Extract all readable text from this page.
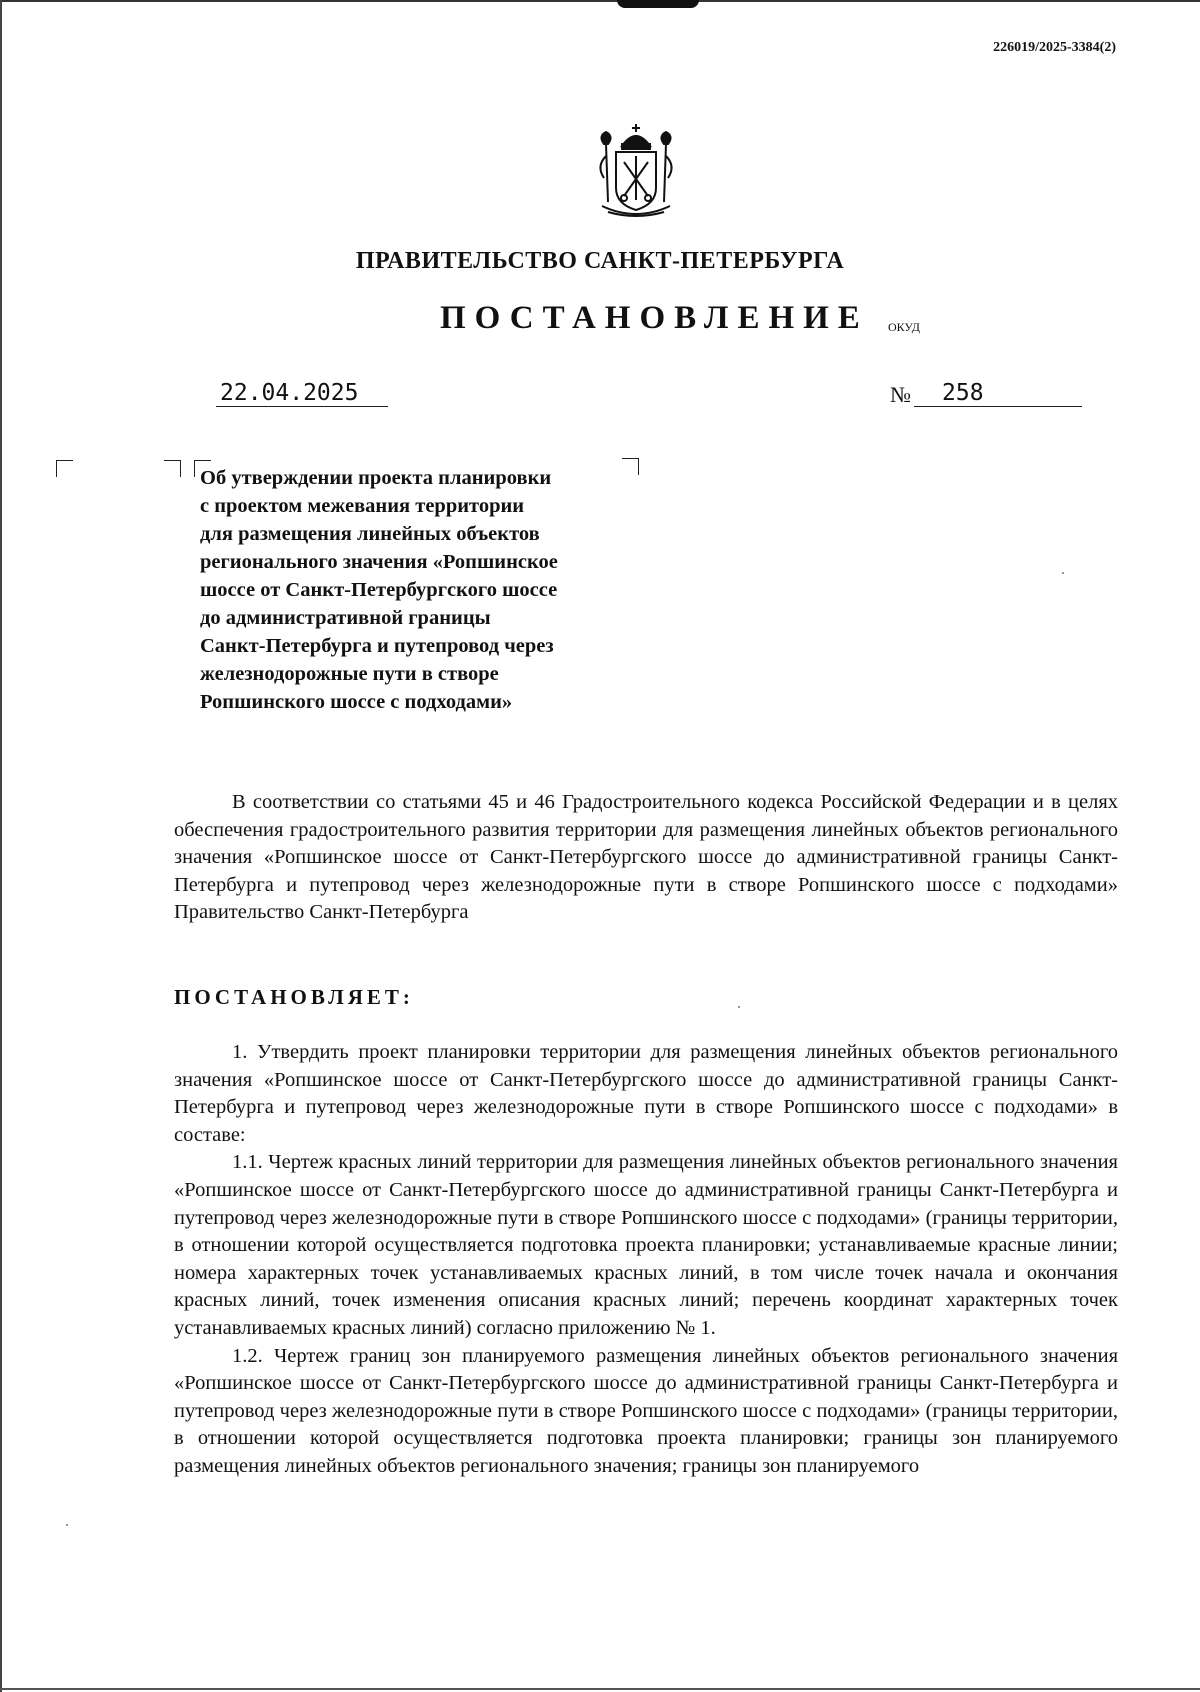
226019/2025-3384(2)
ПРАВИТЕЛЬСТВО САНКТ-ПЕТЕРБУРГА
ПОСТАНОВЛЕНИЕ ОКУД
22.04.2025	№	258
Об утверждении проекта планировки
с проектом межевания территории
для размещения линейных объектов
регионального значения «Ропшинское
шоссе от Санкт-Петербургского шоссе
до административной границы
Санкт-Петербурга и путепровод через
железнодорожные пути в створе
Ропшинского шоссе с подходами»

В соответствии со статьями 45 и 46 Градостроительного кодекса Российской Федерации и в целях обеспечения градостроительного развития территории для размещения линейных объектов регионального значения «Ропшинское шоссе от Санкт-Петербургского шоссе до административной границы Санкт-Петербурга и путепровод через железнодорожные пути в створе Ропшинского шоссе с подходами» Правительство Санкт-Петербурга

ПОСТАНОВЛЯЕТ:

1. Утвердить проект планировки территории для размещения линейных объектов регионального значения «Ропшинское шоссе от Санкт-Петербургского шоссе до административной границы Санкт-Петербурга и путепровод через железнодорожные пути в створе Ропшинского шоссе с подходами» в составе:

1.1. Чертеж красных линий территории для размещения линейных объектов регионального значения «Ропшинское шоссе от Санкт-Петербургского шоссе до административной границы Санкт-Петербурга и путепровод через железнодорожные пути в створе Ропшинского шоссе с подходами» (границы территории, в отношении которой осуществляется подготовка проекта планировки; устанавливаемые красные линии; номера характерных точек устанавливаемых красных линий, в том числе точек начала и окончания красных линий, точек изменения описания красных линий; перечень координат характерных точек устанавливаемых красных линий) согласно приложению № 1.

1.2. Чертеж границ зон планируемого размещения линейных объектов регионального значения «Ропшинское шоссе от Санкт-Петербургского шоссе до административной границы Санкт-Петербурга и путепровод через железнодорожные пути в створе Ропшинского шоссе с подходами» (границы территории, в отношении которой осуществляется подготовка проекта планировки; границы зон планируемого размещения линейных объектов регионального значения; границы зон планируемого
